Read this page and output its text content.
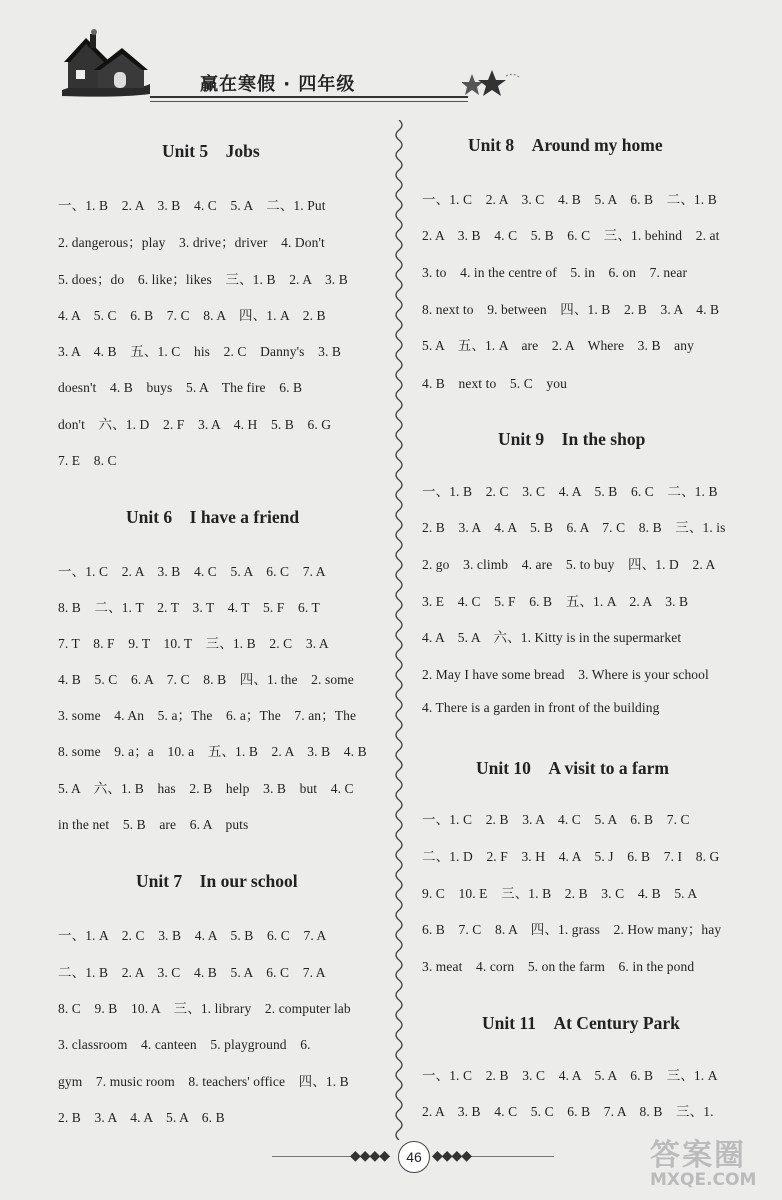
赢在寒假 · 四年级
Unit 5　Jobs
一、1. B　2. A　3. B　4. C　5. A　二、1. Put
2. dangerous；play　3. drive；driver　4. Don't
5. does；do　6. like；likes　三、1. B　2. A　3. B
4. A　5. C　6. B　7. C　8. A　四、1. A　2. B
3. A　4. B　五、1. C　his　2. C　Danny's　3. B
doesn't　4. B　buys　5. A　The fire　6. B
don't　六、1. D　2. F　3. A　4. H　5. B　6. G
7. E　8. C
Unit 6　I have a friend
一、1. C　2. A　3. B　4. C　5. A　6. C　7. A
8. B　二、1. T　2. T　3. T　4. T　5. F　6. T
7. T　8. F　9. T　10. T　三、1. B　2. C　3. A
4. B　5. C　6. A　7. C　8. B　四、1. the　2. some
3. some　4. An　5. a；The　6. a；The　7. an；The
8. some　9. a；a　10. a　五、1. B　2. A　3. B　4. B
5. A　六、1. B　has　2. B　help　3. B　but　4. C
in the net　5. B　are　6. A　puts
Unit 7　In our school
一、1. A　2. C　3. B　4. A　5. B　6. C　7. A
二、1. B　2. A　3. C　4. B　5. A　6. C　7. A
8. C　9. B　10. A　三、1. library　2. computer lab
3. classroom　4. canteen　5. playground　6.
gym　7. music room　8. teachers' office　四、1. B
2. B　3. A　4. A　5. A　6. B
Unit 8　Around my home
一、1. C　2. A　3. C　4. B　5. A　6. B　二、1. B
2. A　3. B　4. C　5. B　6. C　三、1. behind　2. at
3. to　4. in the centre of　5. in　6. on　7. near
8. next to　9. between　四、1. B　2. B　3. A　4. B
5. A　五、1. A　are　2. A　Where　3. B　any
4. B　next to　5. C　you
Unit 9　In the shop
一、1. B　2. C　3. C　4. A　5. B　6. C　二、1. B
2. B　3. A　4. A　5. B　6. A　7. C　8. B　三、1. is
2. go　3. climb　4. are　5. to buy　四、1. D　2. A
3. E　4. C　5. F　6. B　五、1. A　2. A　3. B
4. A　5. A　六、1. Kitty is in the supermarket
2. May I have some bread　3. Where is your school
4. There is a garden in front of the building
Unit 10　A visit to a farm
一、1. C　2. B　3. A　4. C　5. A　6. B　7. C
二、1. D　2. F　3. H　4. A　5. J　6. B　7. I　8. G
9. C　10. E　三、1. B　2. B　3. C　4. B　5. A
6. B　7. C　8. A　四、1. grass　2. How many；hay
3. meat　4. corn　5. on the farm　6. in the pond
Unit 11　At Century Park
一、1. C　2. B　3. C　4. A　5. A　6. B　三、1. A
2. A　3. B　4. C　5. C　6. B　7. A　8. B　三、1.
◆◆◆◆	◆◆◆◆
46	答案圈
MXQE.COM
